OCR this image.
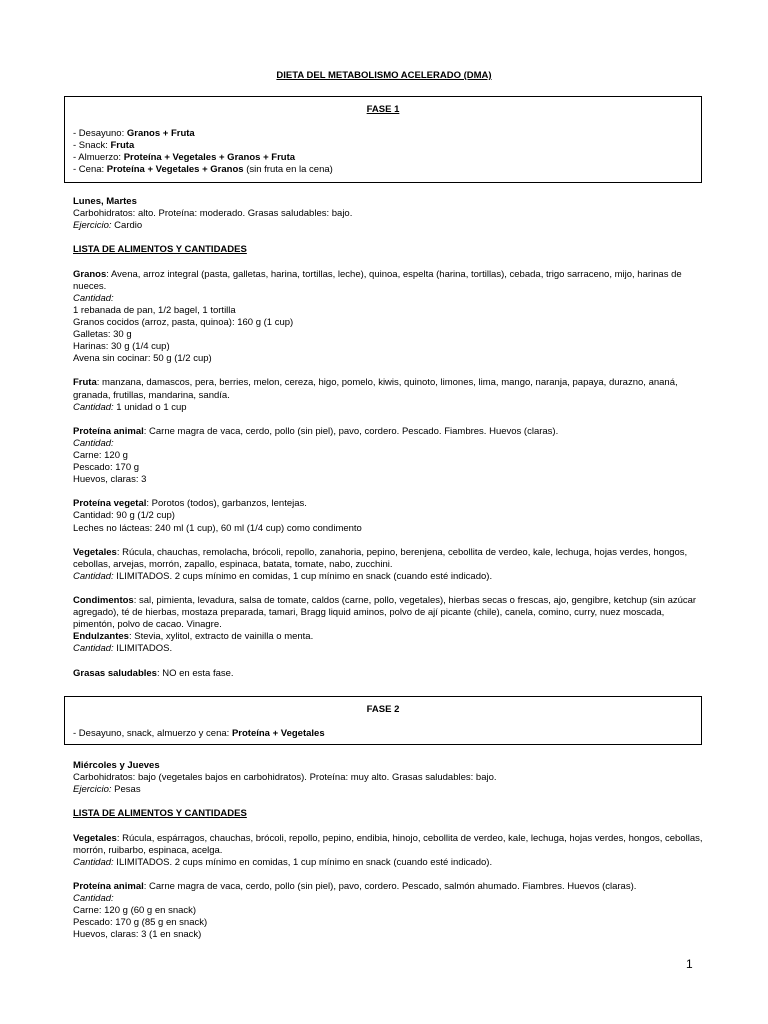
DIETA DEL METABOLISMO ACELERADO (DMA)
FASE 1
- Desayuno: Granos + Fruta
- Snack: Fruta
- Almuerzo: Proteína + Vegetales + Granos + Fruta
- Cena: Proteína + Vegetales + Granos (sin fruta en la cena)
Lunes, Martes
Carbohidratos: alto. Proteína: moderado. Grasas saludables: bajo.
Ejercicio: Cardio
LISTA DE ALIMENTOS Y CANTIDADES
Granos: Avena, arroz integral (pasta, galletas, harina, tortillas, leche), quinoa, espelta (harina, tortillas), cebada, trigo sarraceno, mijo, harinas de
nueces.
Cantidad:
1 rebanada de pan, 1/2 bagel, 1 tortilla
Granos cocidos (arroz, pasta, quinoa): 160 g (1 cup)
Galletas: 30 g
Harinas: 30 g (1/4 cup)
Avena sin cocinar: 50 g (1/2 cup)
Fruta: manzana, damascos, pera, berries, melon, cereza, higo, pomelo, kiwis, quinoto, limones, lima, mango, naranja, papaya, durazno, ananá,
granada, frutillas, mandarina, sandía.
Cantidad: 1 unidad o 1 cup
Proteína animal: Carne magra de vaca, cerdo, pollo (sin piel), pavo, cordero. Pescado. Fiambres. Huevos (claras).
Cantidad:
Carne: 120 g
Pescado: 170 g
Huevos, claras: 3
Proteína vegetal: Porotos (todos), garbanzos, lentejas.
Cantidad: 90 g (1/2 cup)
Leches no lácteas: 240 ml (1 cup), 60 ml (1/4 cup) como condimento
Vegetales: Rúcula, chauchas, remolacha, brócoli, repollo, zanahoria, pepino, berenjena, cebollita de verdeo, kale, lechuga, hojas verdes, hongos,
cebollas, arvejas, morrón, zapallo, espinaca, batata, tomate, nabo, zucchini.
Cantidad: ILIMITADOS. 2 cups mínimo en comidas, 1 cup mínimo en snack (cuando esté indicado).
Condimentos: sal, pimienta, levadura, salsa de tomate, caldos (carne, pollo, vegetales), hierbas secas o frescas, ajo, gengibre, ketchup (sin azúcar
agregado), té de hierbas, mostaza preparada, tamari, Bragg liquid aminos, polvo de ají picante (chile), canela, comino, curry, nuez moscada,
pimentón, polvo de cacao. Vinagre.
Endulzantes: Stevia, xylitol, extracto de vainilla o menta.
Cantidad: ILIMITADOS.
Grasas saludables: NO en esta fase.
FASE 2
- Desayuno, snack, almuerzo y cena: Proteína + Vegetales
Miércoles y Jueves
Carbohidratos: bajo (vegetales bajos en carbohidratos). Proteína: muy alto. Grasas saludables: bajo.
Ejercicio: Pesas
LISTA DE ALIMENTOS Y CANTIDADES
Vegetales: Rúcula, espárragos, chauchas, brócoli, repollo, pepino, endibia, hinojo, cebollita de verdeo, kale, lechuga, hojas verdes, hongos, cebollas,
morrón, ruibarbo, espinaca, acelga.
Cantidad: ILIMITADOS. 2 cups mínimo en comidas, 1 cup mínimo en snack (cuando esté indicado).
Proteína animal: Carne magra de vaca, cerdo, pollo (sin piel), pavo, cordero. Pescado, salmón ahumado. Fiambres. Huevos (claras).
Cantidad:
Carne: 120 g (60 g en snack)
Pescado: 170 g (85 g en snack)
Huevos, claras: 3 (1 en snack)
1
